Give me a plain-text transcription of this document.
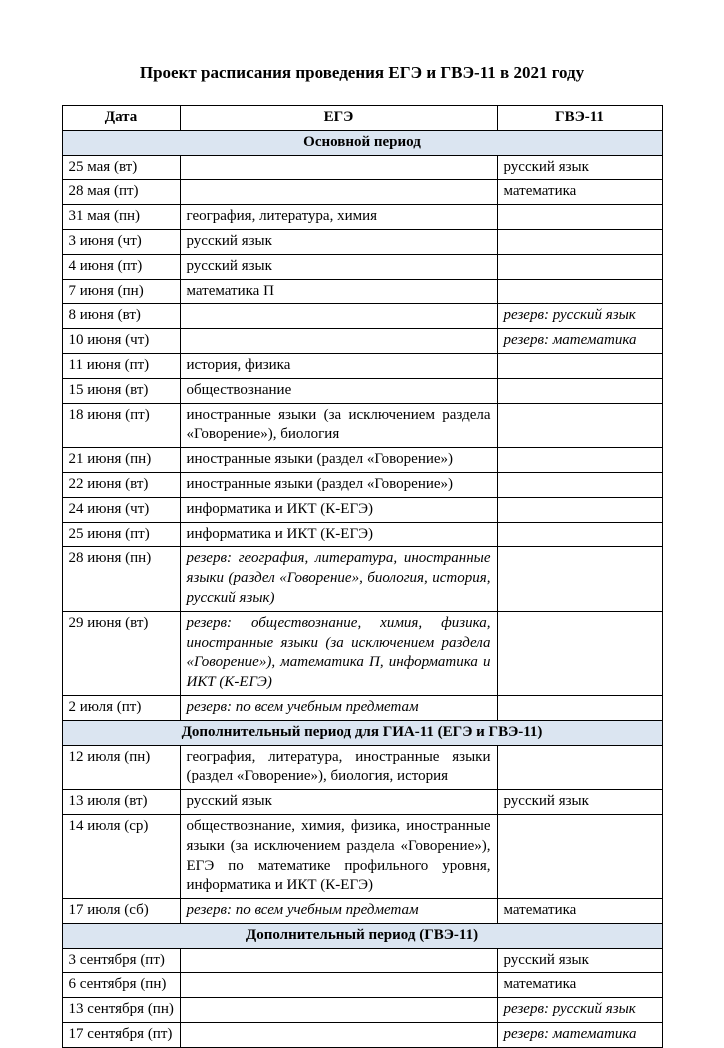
Проект расписания проведения ЕГЭ и ГВЭ-11 в 2021 году
Дата	ЕГЭ	ГВЭ-11
Основной период		
25 мая (вт)		русский язык
28 мая (пт)		математика
31 мая (пн)	география, литература, химия	
3 июня (чт)	русский язык	
4 июня (пт)	русский язык	
7 июня (пн)	математика П	
8 июня (вт)		резерв: русский язык
10 июня (чт)		резерв: математика
11 июня (пт)	история, физика	
15 июня (вт)	обществознание	
18 июня (пт)	иностранные языки (за исключением раздела «Говорение»), биология	
21 июня (пн)	иностранные языки (раздел «Говорение»)	
22 июня (вт)	иностранные языки (раздел «Говорение»)	
24 июня (чт)	информатика и ИКТ (К-ЕГЭ)	
25 июня (пт)	информатика и ИКТ (К-ЕГЭ)	
28 июня (пн)	резерв: география, литература, иностранные языки (раздел «Говорение», биология, история, русский язык)	
29 июня (вт)	резерв: обществознание, химия, физика, иностранные языки (за исключением раздела «Говорение»), математика П, информатика и ИКТ (К-ЕГЭ)	
2 июля (пт)	резерв: по всем учебным предметам	
Дополнительный период для ГИА-11 (ЕГЭ и ГВЭ-11)		
12 июля (пн)	география, литература, иностранные языки (раздел «Говорение»), биология, история	
13 июля (вт)	русский язык	русский язык
14 июля (ср)	обществознание, химия, физика, иностранные языки (за исключением раздела «Говорение»), ЕГЭ по математике профильного уровня, информатика и ИКТ (К-ЕГЭ)	
17 июля (сб)	резерв: по всем учебным предметам	математика
Дополнительный период (ГВЭ-11)		
3 сентября (пт)		русский язык
6 сентября (пн)		математика
13 сентября (пн)		резерв: русский язык
17 сентября (пт)		резерв: математика
